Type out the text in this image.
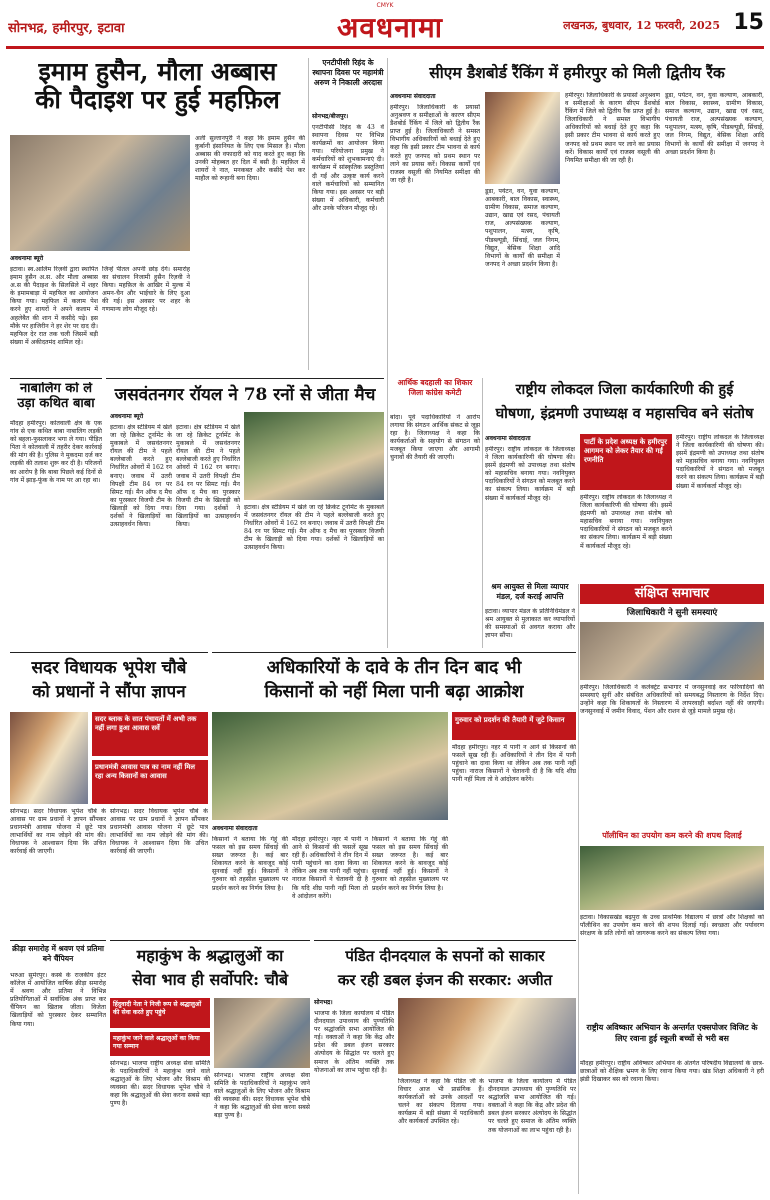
CMYK
सोनभद्र, हमीरपुर, इटावा	अवधनामा	लखनऊ, बुधवार, 12 फरवरी, 2025 15
इमाम हुसैन, मौला अब्बास
की पैदाइश पर हुई महफ़िल
अवधनामा ब्यूरो
इटावा। स्व.आलिम रिज़वी द्वारा स्थापित इमाम हुसैन अ.स. और मौला अब्बास अ.स की पैदाइश के सिलसिले में शहर के इमामबाड़ा में महफिल का आयोजन किया गया। महफिल में कलाम पेश करने हुए शायरों ने अपने कलाम में अहलेबैत की शान में कसीदे पढ़े। इस मौके पर हाजिरीन ने हर शेर पर दाद दी। महफिल देर रात तक चली जिसमें बड़ी संख्या में अकीदतमंद शामिल रहे।
जिन्हें पीतल अपनी छोड़ देंगे। समारोह का संचालन निजामी हुसैन रिज़वी ने किया। महफ़िल के आखिर में मुल्क में अमन-चैन और भाईचारे के लिए दुआ की गई। इस अवसर पर शहर के गणमान्य लोग मौजूद रहे।
अली सुल्तानपुरी ने कहा कि इमाम हुसैन की कुर्बानी इंसानियत के लिए एक मिसाल है। मौला अब्बास की वफादारी को याद करते हुए कहा कि उनकी मोहब्बत हर दिल में बसी है। महफ़िल में शायरों ने नात, मनकबत और कसीदे पेश कर माहौल को रूहानी बना दिया।
नाबालिग को ले
उड़ा कथित बाबा
मौदहा हमीरपुर। कोतवाली क्षेत्र के एक गांव से एक कथित बाबा नाबालिग लड़की को बहला-फुसलाकर भगा ले गया। पीड़ित पिता ने कोतवाली में तहरीर देकर कार्रवाई की मांग की है। पुलिस ने मुकदमा दर्ज कर लड़की की तलाश शुरू कर दी है। परिजनों का आरोप है कि बाबा पिछले कई दिनों से गांव में झाड़-फूंक के नाम पर आ रहा था।
एनटीपीसी रिहंद के स्थापना दिवस पर महामंत्री अरुण ने निकाली अरदास
सोनभद्र/बीजपुर।
एनटीपीसी रिहंद के 43 वें स्थापना दिवस पर विभिन्न कार्यक्रमों का आयोजन किया गया। परियोजना प्रमुख ने कर्मचारियों को शुभकामनाएं दी। कार्यक्रम में सांस्कृतिक प्रस्तुतियां दी गईं और उत्कृष्ट कार्य करने वाले कर्मचारियों को सम्मानित किया गया। इस अवसर पर बड़ी संख्या में अधिकारी, कर्मचारी और उनके परिजन मौजूद रहे।
सीएम डैशबोर्ड रैंकिंग में हमीरपुर को मिली द्वितीय रैंक
अवधनामा संवाददाता
हमीरपुर। जिलाधिकारी के प्रयासों अनुश्रवण व समीक्षाओं के कारण सीएम डैशबोर्ड रैंकिंग में जिले को द्वितीय रैंक प्राप्त हुई है। जिलाधिकारी ने समस्त विभागीय अधिकारियों को बधाई देते हुए कहा कि इसी प्रकार टीम भावना से कार्य करते हुए जनपद को प्रथम स्थान पर लाने का प्रयास करें। विकास कार्यों एवं राजस्व वसूली की नियमित समीक्षा की जा रही है।
डूडा, पर्यटन, वन, युवा कल्याण, आबकारी, बाल विकास, स्वास्थ्य, ग्रामीण विकास, समाज कल्याण, उद्यान, खाद्य एवं रसद, पंचायती राज, अल्पसंख्यक कल्याण, पशुपालन, मत्स्य, कृषि, पीडब्ल्यूडी, सिंचाई, जल निगम, विद्युत, बेसिक शिक्षा आदि विभागों के कार्यों की समीक्षा में जनपद ने अच्छा प्रदर्शन किया है।
हमीरपुर। जिलाधिकारी के प्रयासों अनुश्रवण व समीक्षाओं के कारण सीएम डैशबोर्ड रैंकिंग में जिले को द्वितीय रैंक प्राप्त हुई है। जिलाधिकारी ने समस्त विभागीय अधिकारियों को बधाई देते हुए कहा कि इसी प्रकार टीम भावना से कार्य करते हुए जनपद को प्रथम स्थान पर लाने का प्रयास करें। विकास कार्यों एवं राजस्व वसूली की नियमित समीक्षा की जा रही है।
डूडा, पर्यटन, वन, युवा कल्याण, आबकारी, बाल विकास, स्वास्थ्य, ग्रामीण विकास, समाज कल्याण, उद्यान, खाद्य एवं रसद, पंचायती राज, अल्पसंख्यक कल्याण, पशुपालन, मत्स्य, कृषि, पीडब्ल्यूडी, सिंचाई, जल निगम, विद्युत, बेसिक शिक्षा आदि विभागों के कार्यों की समीक्षा में जनपद ने अच्छा प्रदर्शन किया है।
जसवंतनगर रॉयल ने 78 रनों से जीता मैच
अवधनामा ब्यूरो
इटावा। क्षेत्र स्टेडियम में खेले जा रहे क्रिकेट टूर्नामेंट के मुकाबले में जसवंतनगर रॉयल की टीम ने पहले बल्लेबाजी करते हुए निर्धारित ओवरों में 162 रन बनाए। जवाब में उतरी विपक्षी टीम 84 रन पर सिमट गई। मैन ऑफ द मैच का पुरस्कार विजयी टीम के खिलाड़ी को दिया गया। दर्शकों ने खिलाड़ियों का उत्साहवर्धन किया।
इटावा। क्षेत्र स्टेडियम में खेले जा रहे क्रिकेट टूर्नामेंट के मुकाबले में जसवंतनगर रॉयल की टीम ने पहले बल्लेबाजी करते हुए निर्धारित ओवरों में 162 रन बनाए। जवाब में उतरी विपक्षी टीम 84 रन पर सिमट गई। मैन ऑफ द मैच का पुरस्कार विजयी टीम के खिलाड़ी को दिया गया। दर्शकों ने खिलाड़ियों का उत्साहवर्धन किया।
इटावा। क्षेत्र स्टेडियम में खेले जा रहे क्रिकेट टूर्नामेंट के मुकाबले में जसवंतनगर रॉयल की टीम ने पहले बल्लेबाजी करते हुए निर्धारित ओवरों में 162 रन बनाए। जवाब में उतरी विपक्षी टीम 84 रन पर सिमट गई। मैन ऑफ द मैच का पुरस्कार विजयी टीम के खिलाड़ी को दिया गया। दर्शकों ने खिलाड़ियों का उत्साहवर्धन किया।
आर्थिक बदहाली का शिकार जिला कांग्रेस कमेटी
बांदा। पूर्व पदाधिकारियों ने आरोप लगाया कि संगठन आर्थिक संकट से जूझ रहा है। जिलाध्यक्ष ने कहा कि कार्यकर्ताओं के सहयोग से संगठन को मजबूत किया जाएगा और आगामी चुनावों की तैयारी की जाएगी।
राष्ट्रीय लोकदल जिला कार्यकारिणी की हुई
घोषणा, इंद्रमणी उपाध्यक्ष व महासचिव बने संतोष
अवधनामा संवाददाता
हमीरपुर। राष्ट्रीय लोकदल के जिलाध्यक्ष ने जिला कार्यकारिणी की घोषणा की। इसमें इंद्रमणी को उपाध्यक्ष तथा संतोष को महासचिव बनाया गया। नवनियुक्त पदाधिकारियों ने संगठन को मजबूत करने का संकल्प लिया। कार्यक्रम में बड़ी संख्या में कार्यकर्ता मौजूद रहे।
पार्टी के प्रदेश अध्यक्ष के हमीरपुर आगमन को लेकर तैयार की गई रणनीति
हमीरपुर। राष्ट्रीय लोकदल के जिलाध्यक्ष ने जिला कार्यकारिणी की घोषणा की। इसमें इंद्रमणी को उपाध्यक्ष तथा संतोष को महासचिव बनाया गया। नवनियुक्त पदाधिकारियों ने संगठन को मजबूत करने का संकल्प लिया। कार्यक्रम में बड़ी संख्या में कार्यकर्ता मौजूद रहे।
हमीरपुर। राष्ट्रीय लोकदल के जिलाध्यक्ष ने जिला कार्यकारिणी की घोषणा की। इसमें इंद्रमणी को उपाध्यक्ष तथा संतोष को महासचिव बनाया गया। नवनियुक्त पदाधिकारियों ने संगठन को मजबूत करने का संकल्प लिया। कार्यक्रम में बड़ी संख्या में कार्यकर्ता मौजूद रहे।
श्रम आयुक्त से मिला व्यापार मंडल, दर्ज कराई आपत्ति
इटावा। व्यापार मंडल के प्रतिनिधिमंडल ने श्रम आयुक्त से मुलाकात कर व्यापारियों की समस्याओं से अवगत कराया और ज्ञापन सौंपा।
संक्षिप्त समाचार
जिलाधिकारी ने सुनी समस्याएं
हमीरपुर। जिलाधिकारी ने कलेक्ट्रेट सभागार में जनसुनवाई कर फरियादियों की समस्याएं सुनीं और संबंधित अधिकारियों को समयबद्ध निस्तारण के निर्देश दिए। उन्होंने कहा कि शिकायतों के निस्तारण में लापरवाही बर्दाश्त नहीं की जाएगी। जनसुनवाई में जमीन विवाद, पेंशन और राशन से जुड़े मामले प्रमुख रहे।
पॉलीथिन का उपयोग कम करने की शपथ दिलाई
इटावा। विकासखंड बढ़पुरा के उच्च प्राथमिक विद्यालय में छात्रों और शिक्षकों को पॉलीथिन का उपयोग कम करने की शपथ दिलाई गई। स्वच्छता और पर्यावरण संरक्षण के प्रति लोगों को जागरूक करने का संकल्प लिया गया।
राष्ट्रीय अविष्कार अभियान के अन्तर्गत एक्सपोजर विजिट के लिए रवाना हुई स्कूली बच्चों से भरी बस
मौदहा हमीरपुर। राष्ट्रीय अविष्कार अभियान के अंतर्गत परिषदीय विद्यालयों के छात्र-छात्राओं को शैक्षिक भ्रमण के लिए रवाना किया गया। खंड शिक्षा अधिकारी ने हरी झंडी दिखाकर बस को रवाना किया।
सदर विधायक भूपेश चौबे
को प्रधानों ने सौंपा ज्ञापन
सदर ब्लाक के सात पंचायतों में अभी तक नहीं लगा हुआ आवास सर्वे
प्रधानमंत्री आवास पात्र का नाम नहीं मिल रहा अन्य किसानों का आवास
सोनभद्र। सदर विधायक भूपेश चौबे के आवास पर ग्राम प्रधानों ने ज्ञापन सौंपकर प्रधानमंत्री आवास योजना में छूटे पात्र लाभार्थियों का नाम जोड़ने की मांग की। विधायक ने आश्वासन दिया कि उचित कार्रवाई की जाएगी।
सोनभद्र। सदर विधायक भूपेश चौबे के आवास पर ग्राम प्रधानों ने ज्ञापन सौंपकर प्रधानमंत्री आवास योजना में छूटे पात्र लाभार्थियों का नाम जोड़ने की मांग की। विधायक ने आश्वासन दिया कि उचित कार्रवाई की जाएगी।
अधिकारियों के दावे के तीन दिन बाद भी
किसानों को नहीं मिला पानी बढ़ा आक्रोश
गुरुवार को प्रदर्शन की तैयारी में जुटे किसान
मौदहा हमीरपुर। नहर में पानी न आने से किसानों की फसलें सूख रही हैं। अधिकारियों ने तीन दिन में पानी पहुंचाने का दावा किया था लेकिन अब तक पानी नहीं पहुंचा। नाराज किसानों ने चेतावनी दी है कि यदि शीघ्र पानी नहीं मिला तो वे आंदोलन करेंगे।
अवधनामा संवाददाता
किसानों ने बताया कि गेहूं की फसल को इस समय सिंचाई की सख्त जरूरत है। कई बार शिकायत करने के बावजूद कोई सुनवाई नहीं हुई। किसानों ने गुरुवार को तहसील मुख्यालय पर प्रदर्शन करने का निर्णय लिया है।
मौदहा हमीरपुर। नहर में पानी न आने से किसानों की फसलें सूख रही हैं। अधिकारियों ने तीन दिन में पानी पहुंचाने का दावा किया था लेकिन अब तक पानी नहीं पहुंचा। नाराज किसानों ने चेतावनी दी है कि यदि शीघ्र पानी नहीं मिला तो वे आंदोलन करेंगे।
किसानों ने बताया कि गेहूं की फसल को इस समय सिंचाई की सख्त जरूरत है। कई बार शिकायत करने के बावजूद कोई सुनवाई नहीं हुई। किसानों ने गुरुवार को तहसील मुख्यालय पर प्रदर्शन करने का निर्णय लिया है।
क्रीड़ा समारोह में श्रवण एवं प्रतिमा बने चैंपियन
भरुआ सुमेरपुर। कस्बे के राजकीय इंटर कॉलेज में आयोजित वार्षिक क्रीड़ा समारोह में श्रवण और प्रतिमा ने विभिन्न प्रतियोगिताओं में सर्वाधिक अंक प्राप्त कर चैंपियन का खिताब जीता। विजेता खिलाड़ियों को पुरस्कार देकर सम्मानित किया गया।
महाकुंभ के श्रद्धालुओं का
सेवा भाव ही सर्वोपरि: चौबे
हिंदुवादी नेता ने निजी रूप से श्रद्धालुओं की सेवा करते हुए पहुंचे
महाकुंभ जाने वाले श्रद्धालुओं का किया गया सम्मान
सोनभद्र। भाजपा राष्ट्रीय अध्यक्ष सेवा समिति के पदाधिकारियों ने महाकुंभ जाने वाले श्रद्धालुओं के लिए भोजन और विश्राम की व्यवस्था की। सदर विधायक भूपेश चौबे ने कहा कि श्रद्धालुओं की सेवा करना सबसे बड़ा पुण्य है।
सोनभद्र। भाजपा राष्ट्रीय अध्यक्ष सेवा समिति के पदाधिकारियों ने महाकुंभ जाने वाले श्रद्धालुओं के लिए भोजन और विश्राम की व्यवस्था की। सदर विधायक भूपेश चौबे ने कहा कि श्रद्धालुओं की सेवा करना सबसे बड़ा पुण्य है।
पंडित दीनदयाल के सपनों को साकार
कर रही डबल इंजन की सरकार: अजीत
सोनभद्र।
भाजपा के जिला कार्यालय में पंडित दीनदयाल उपाध्याय की पुण्यतिथि पर श्रद्धांजलि सभा आयोजित की गई। वक्ताओं ने कहा कि केंद्र और प्रदेश की डबल इंजन सरकार अंत्योदय के सिद्धांत पर चलते हुए समाज के अंतिम व्यक्ति तक योजनाओं का लाभ पहुंचा रही है।
जिलाध्यक्ष ने कहा कि पंडित जी के विचार आज भी प्रासंगिक हैं। कार्यकर्ताओं को उनके आदर्शों पर चलने का संकल्प दिलाया गया। कार्यक्रम में बड़ी संख्या में पदाधिकारी और कार्यकर्ता उपस्थित रहे।
भाजपा के जिला कार्यालय में पंडित दीनदयाल उपाध्याय की पुण्यतिथि पर श्रद्धांजलि सभा आयोजित की गई। वक्ताओं ने कहा कि केंद्र और प्रदेश की डबल इंजन सरकार अंत्योदय के सिद्धांत पर चलते हुए समाज के अंतिम व्यक्ति तक योजनाओं का लाभ पहुंचा रही है।
